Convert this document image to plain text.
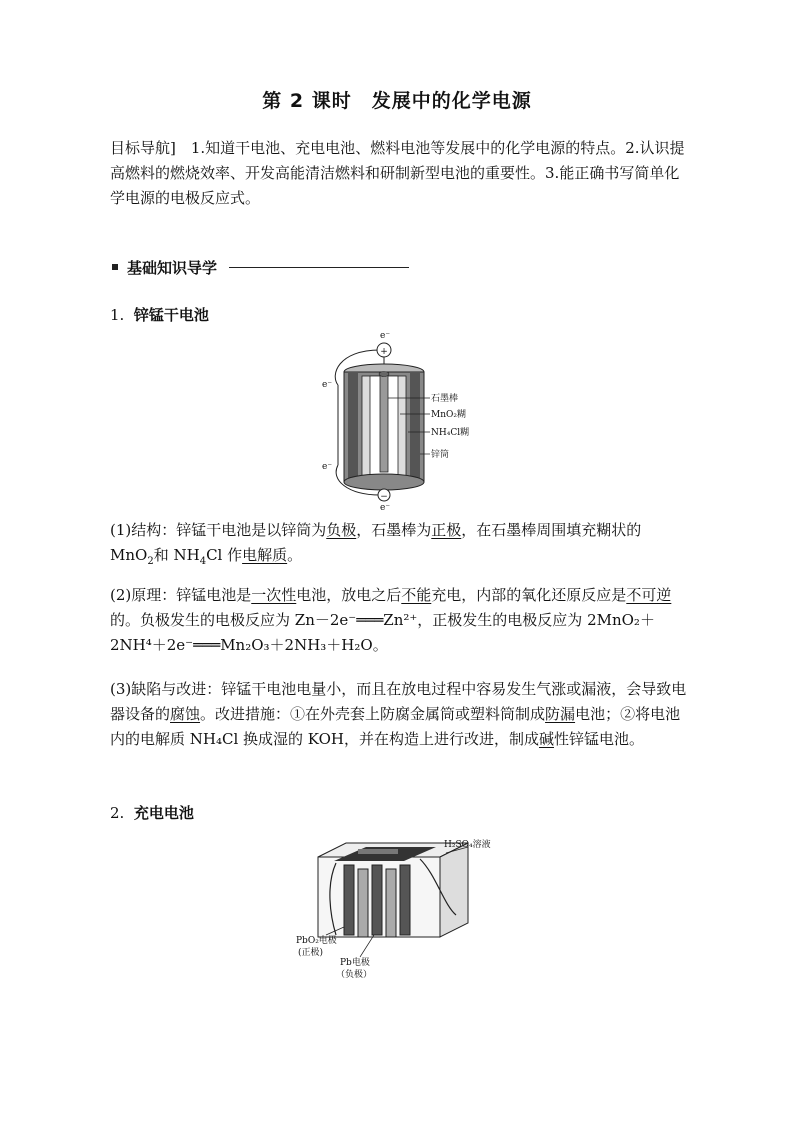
第 2 课时　发展中的化学电源

目标导航]　 1.知道干电池、充电电池、燃料电池等发展中的化学电源的特点。2.认识提高燃料的燃烧效率、开发高能清洁燃料和研制新型电池的重要性。3.能正确书写简单化学电源的电极反应式。

基础知识导学
1. 锌锰干电池
+
e⁻
−
e⁻
e⁻
e⁻
石墨棒
MnO₂糊
NH₄Cl糊
锌筒

(1)结构：锌锰干电池是以锌筒为负极，石墨棒为正极，在石墨棒周围填充糊状的
MnO$_2$和 $NH_4Cl$ 作电解质。

(2)原理：锌锰电池是一次性电池，放电之后不能充电，内部的氧化还原反应是不可逆的。负极发生的电极反应为 Zn－2e⁻═══Zn²⁺，正极发生的电极反应为 2MnO₂＋2NH⁴＋2e⁻═══Mn₂O₃＋2NH₃＋H₂O。

(3)缺陷与改进：锌锰干电池电量小，而且在放电过程中容易发生气涨或漏液，会导致电器设备的腐蚀。改进措施：①在外壳套上防腐金属筒或塑料筒制成防漏电池；②将电池内的电解质 NH₄Cl 换成湿的 KOH，并在构造上进行改进，制成碱性锌锰电池。

2. 充电电池
H₂SO₄溶液
PbO₂电极
(正极)
Pb电极
（负极）
